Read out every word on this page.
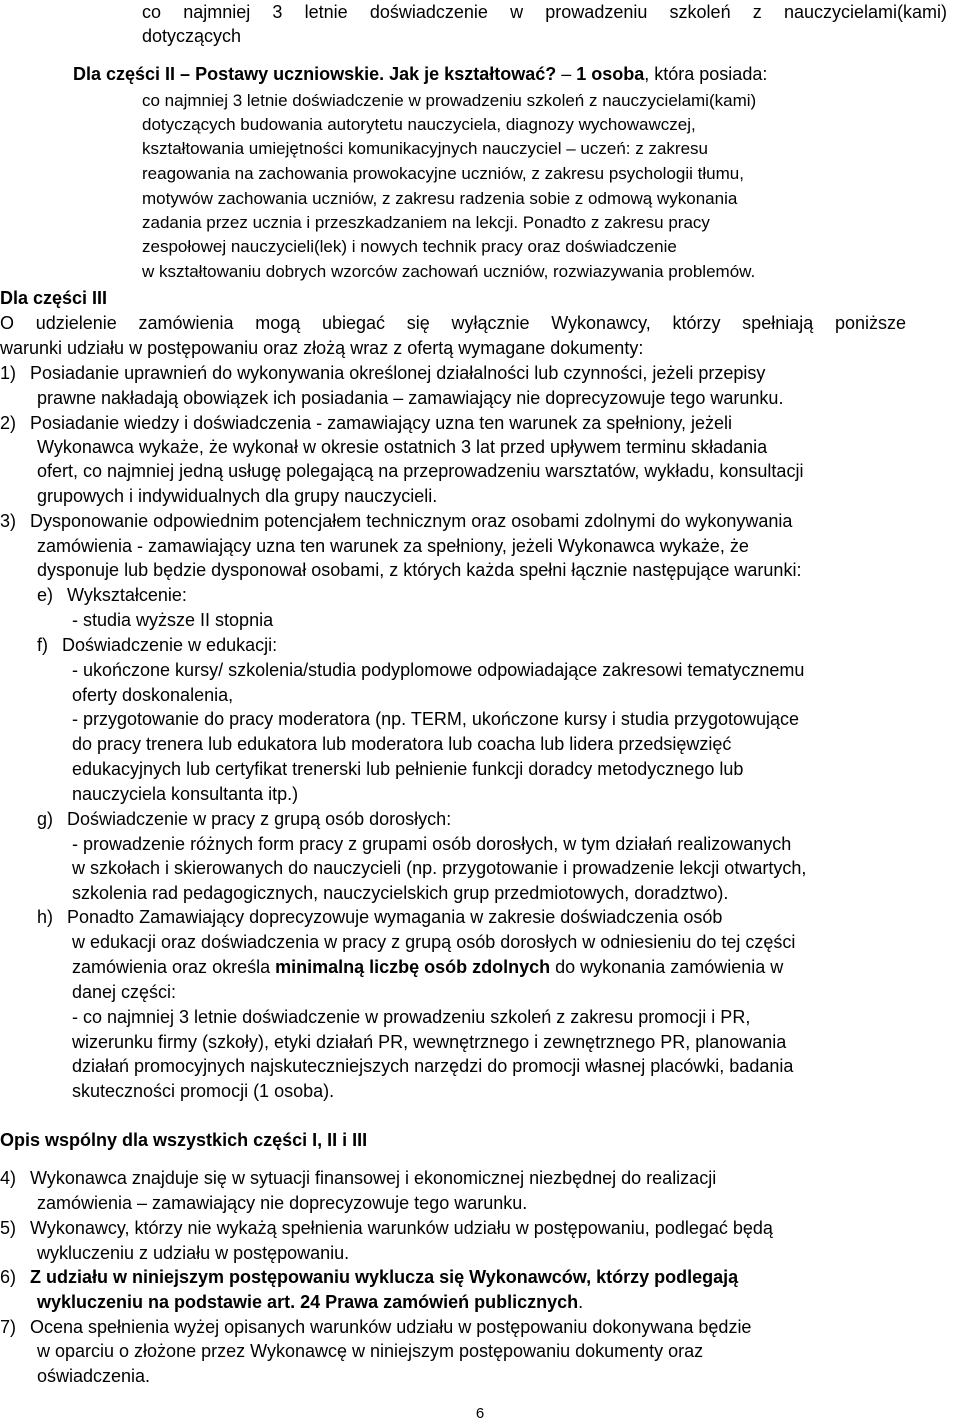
co najmniej 3 letnie doświadczenie w prowadzeniu szkoleń z nauczycielami(kami)
dotyczących
Dla części II – Postawy uczniowskie. Jak je kształtować? – 1 osoba, która posiada:
co najmniej 3 letnie doświadczenie w prowadzeniu szkoleń z nauczycielami(kami)
dotyczących budowania autorytetu nauczyciela, diagnozy wychowawczej,
kształtowania umiejętności komunikacyjnych nauczyciel – uczeń: z zakresu
reagowania na zachowania prowokacyjne uczniów, z zakresu psychologii tłumu,
motywów zachowania uczniów, z zakresu radzenia sobie z odmową wykonania
zadania przez ucznia i przeszkadzaniem na lekcji. Ponadto z zakresu pracy
zespołowej nauczycieli(lek) i nowych technik pracy oraz doświadczenie
w kształtowaniu dobrych wzorców zachowań uczniów, rozwiazywania problemów.
Dla części III
O udzielenie zamówienia mogą ubiegać się wyłącznie Wykonawcy, którzy spełniają poniższe
warunki udziału w postępowaniu oraz złożą wraz z ofertą wymagane dokumenty:
1)  Posiadanie uprawnień do wykonywania określonej działalności lub czynności, jeżeli przepisy
prawne nakładają obowiązek ich posiadania – zamawiający nie doprecyzowuje tego warunku.
2)  Posiadanie wiedzy i doświadczenia - zamawiający uzna ten warunek za spełniony, jeżeli
Wykonawca wykaże, że wykonał w okresie ostatnich 3 lat przed upływem terminu składania
ofert, co najmniej jedną usługę polegającą na przeprowadzeniu warsztatów, wykładu, konsultacji
grupowych i indywidualnych dla grupy nauczycieli.
3)  Dysponowanie odpowiednim potencjałem technicznym oraz osobami zdolnymi do wykonywania
zamówienia - zamawiający uzna ten warunek za spełniony, jeżeli Wykonawca wykaże, że
dysponuje lub będzie dysponował osobami, z których każda spełni łącznie następujące warunki:
e)  Wykształcenie:
- studia wyższe II stopnia
f)  Doświadczenie w edukacji:
- ukończone kursy/ szkolenia/studia podyplomowe odpowiadające zakresowi tematycznemu
oferty doskonalenia,
- przygotowanie do pracy moderatora (np. TERM, ukończone kursy i studia przygotowujące
do pracy trenera lub edukatora lub moderatora lub coacha lub lidera przedsięwzięć
edukacyjnych lub certyfikat trenerski lub pełnienie funkcji doradcy metodycznego lub
nauczyciela konsultanta itp.)
g)  Doświadczenie w pracy z grupą osób dorosłych:
- prowadzenie różnych form pracy z grupami osób dorosłych, w tym działań realizowanych
w szkołach i skierowanych do nauczycieli (np. przygotowanie i prowadzenie lekcji otwartych,
szkolenia rad pedagogicznych, nauczycielskich grup przedmiotowych, doradztwo).
h)  Ponadto Zamawiający doprecyzowuje wymagania w zakresie doświadczenia osób
w edukacji oraz doświadczenia w pracy z grupą osób dorosłych w odniesieniu do tej części
zamówienia oraz określa minimalną liczbę osób zdolnych do wykonania zamówienia w
danej części:
- co najmniej 3 letnie doświadczenie w prowadzeniu szkoleń z zakresu promocji i PR,
wizerunku firmy (szkoły), etyki działań PR, wewnętrznego i zewnętrznego PR, planowania
działań promocyjnych najskuteczniejszych narzędzi do promocji własnej placówki, badania
skuteczności promocji (1 osoba).
Opis wspólny dla wszystkich części I, II i III
4)  Wykonawca znajduje się w sytuacji finansowej i ekonomicznej niezbędnej do realizacji
zamówienia – zamawiający nie doprecyzowuje tego warunku.
5)  Wykonawcy, którzy nie wykażą spełnienia warunków udziału w postępowaniu, podlegać będą
wykluczeniu z udziału w postępowaniu.
6)  Z udziału w niniejszym postępowaniu wyklucza się Wykonawców, którzy podlegają
wykluczeniu na podstawie art. 24 Prawa zamówień publicznych.
7)  Ocena spełnienia wyżej opisanych warunków udziału w postępowaniu dokonywana będzie
w oparciu o złożone przez Wykonawcę w niniejszym postępowaniu dokumenty oraz
oświadczenia.
6
